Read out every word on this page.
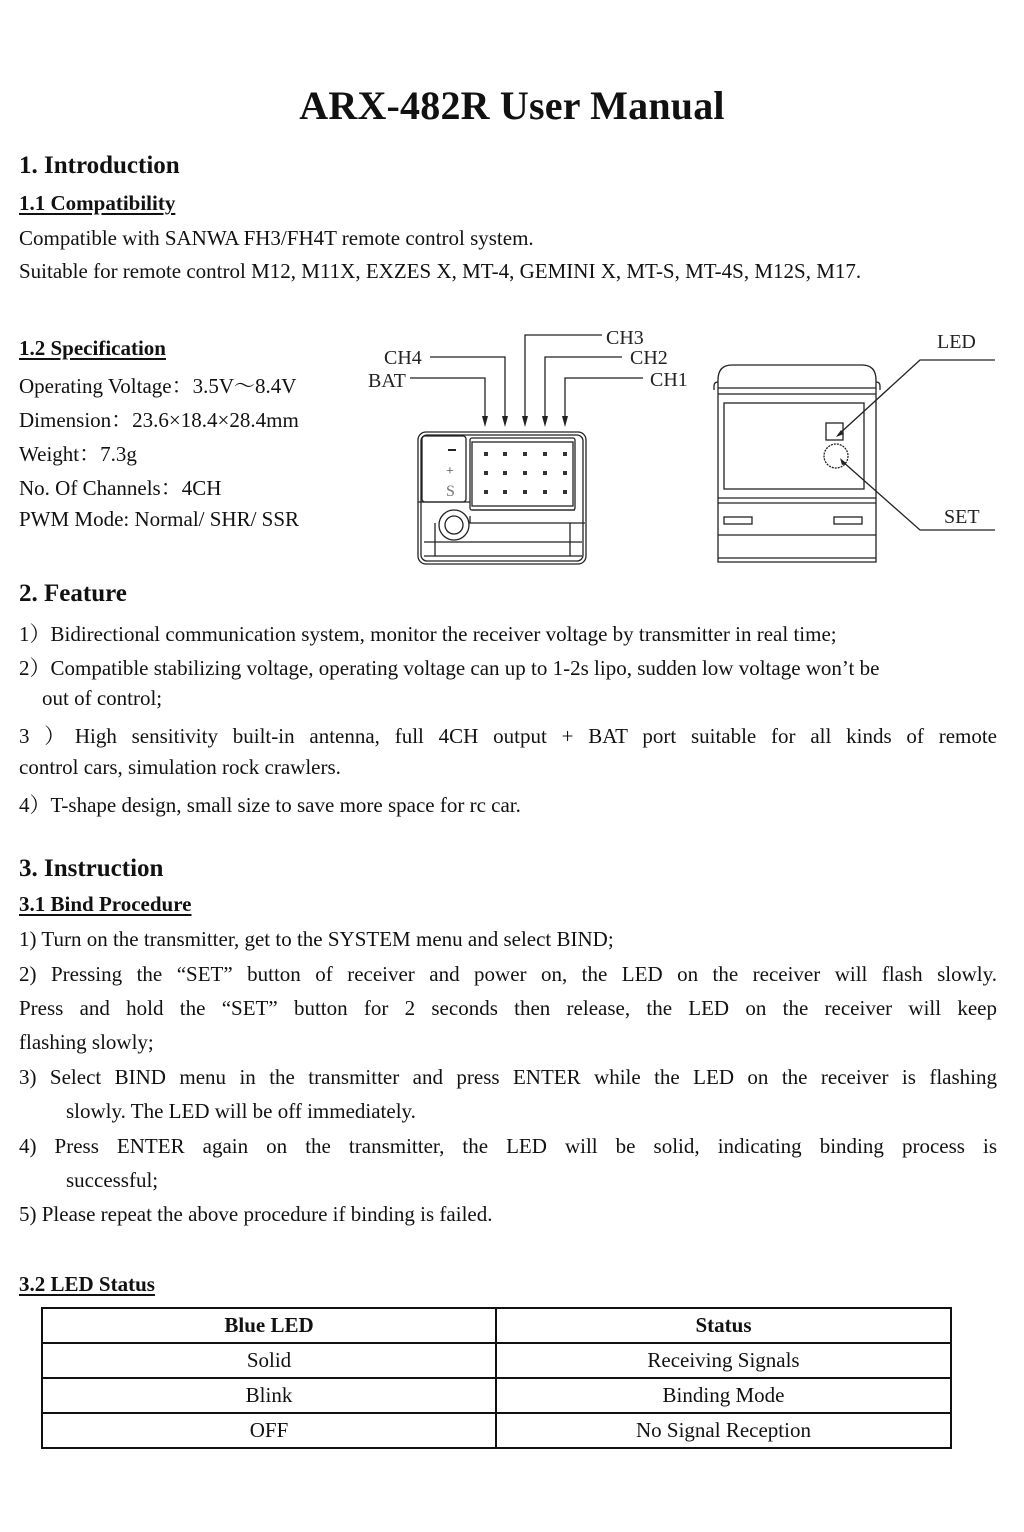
ARX-482R User Manual
1. Introduction
1.1 Compatibility
Compatible with SANWA FH3/FH4T remote control system.
Suitable for remote control M12, M11X, EXZES X, MT-4, GEMINI X, MT-S, MT-4S, M12S, M17.
1.2 Specification
Operating Voltage：3.5V～8.4V
Dimension：23.6×18.4×28.4mm
Weight：7.3g
No. Of Channels：4CH
PWM Mode: Normal/ SHR/ SSR
BAT
CH4
CH3
CH2
CH1
+
S
LED
SET
2. Feature
1）Bidirectional communication system, monitor the receiver voltage by transmitter in real time;
2）Compatible stabilizing voltage, operating voltage can up to 1-2s lipo, sudden low voltage won’t be
out of control;
3 ）High sensitivity built-in antenna, full 4CH output + BAT port suitable for all kinds of remote
control cars, simulation rock crawlers.
4）T-shape design, small size to save more space for rc car.
3. Instruction
3.1 Bind Procedure
1) Turn on the transmitter, get to the SYSTEM menu and select BIND;
2) Pressing the “SET” button of receiver and power on, the LED on the receiver will flash slowly.
Press and hold the “SET” button for 2 seconds then release, the LED on the receiver will keep
flashing slowly;
3) Select BIND menu in the transmitter and press ENTER while the LED on the receiver is flashing
slowly. The LED will be off immediately.
4) Press ENTER again on the transmitter, the LED will be solid, indicating binding process is
successful;
5) Please repeat the above procedure if binding is failed.
3.2 LED Status
Blue LED	Status
Solid	Receiving Signals
Blink	Binding Mode
OFF	No Signal Reception
